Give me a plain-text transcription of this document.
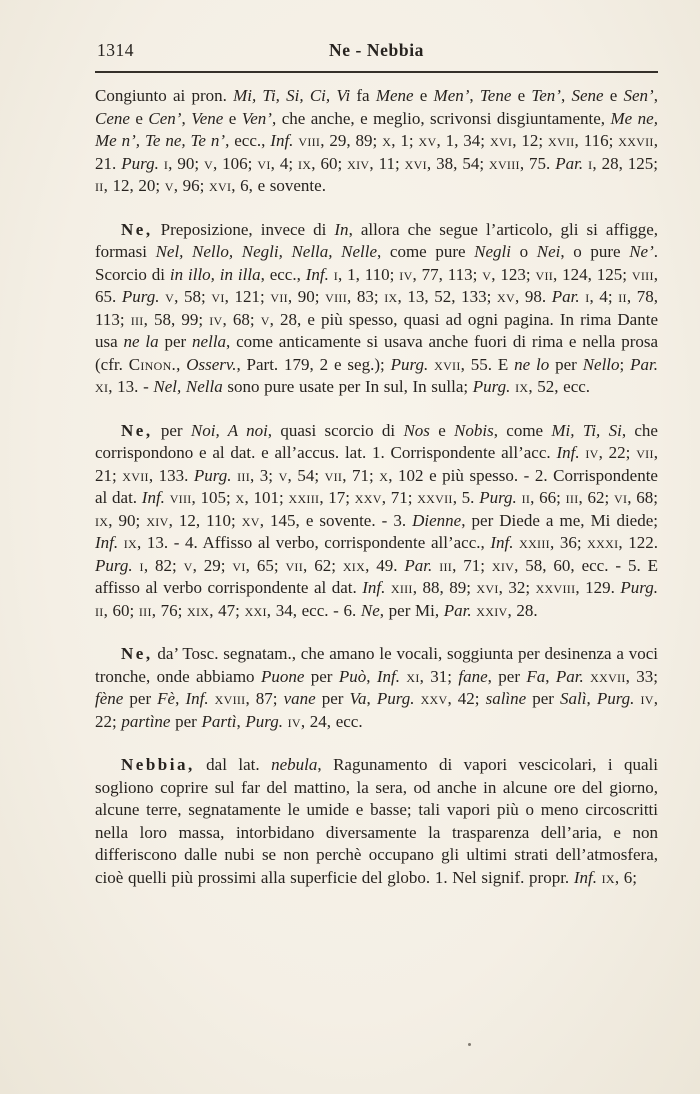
1314	Ne - Nebbia

Congiunto ai pron. Mi, Ti, Si, Ci, Vi fa Mene e Men’, Tene e Ten’, Sene e Sen’, Cene e Cen’, Vene e Ven’, che anche, e meglio, scrivonsi disgiuntamente, Me ne, Me n’, Te ne, Te n’, ecc., Inf. viii, 29, 89; x, 1; xv, 1, 34; xvi, 12; xvii, 116; xxvii, 21. Purg. i, 90; v, 106; vi, 4; ix, 60; xiv, 11; xvi, 38, 54; xviii, 75. Par. i, 28, 125; ii, 12, 20; v, 96; xvi, 6, e sovente.

Ne, Preposizione, invece di In, allora che segue l’articolo, gli si affigge, formasi Nel, Nello, Negli, Nella, Nelle, come pure Negli o Nei, o pure Ne’. Scorcio di in illo, in illa, ecc., Inf. i, 1, 110; iv, 77, 113; v, 123; vii, 124, 125; viii, 65. Purg. v, 58; vi, 121; vii, 90; viii, 83; ix, 13, 52, 133; xv, 98. Par. i, 4; ii, 78, 113; iii, 58, 99; iv, 68; v, 28, e più spesso, quasi ad ogni pagina. In rima Dante usa ne la per nella, come anticamente si usava anche fuori di rima e nella prosa (cfr. Cinon., Osserv., Part. 179, 2 e seg.); Purg. xvii, 55. E ne lo per Nello; Par. xi, 13. - Nel, Nella sono pure usate per In sul, In sulla; Purg. ix, 52, ecc.

Ne, per Noi, A noi, quasi scorcio di Nos e Nobis, come Mi, Ti, Si, che corrispondono e al dat. e all’accus. lat. 1. Corrispondente all’acc. Inf. iv, 22; vii, 21; xvii, 133. Purg. iii, 3; v, 54; vii, 71; x, 102 e più spesso. - 2. Corrispondente al dat. Inf. viii, 105; x, 101; xxiii, 17; xxv, 71; xxvii, 5. Purg. ii, 66; iii, 62; vi, 68; ix, 90; xiv, 12, 110; xv, 145, e sovente. - 3. Dienne, per Diede a me, Mi diede; Inf. ix, 13. - 4. Affisso al verbo, corrispondente all’acc., Inf. xxiii, 36; xxxi, 122. Purg. i, 82; v, 29; vi, 65; vii, 62; xix, 49. Par. iii, 71; xiv, 58, 60, ecc. - 5. E affisso al verbo corrispondente al dat. Inf. xiii, 88, 89; xvi, 32; xxviii, 129. Purg. ii, 60; iii, 76; xix, 47; xxi, 34, ecc. - 6. Ne, per Mi, Par. xxiv, 28.

Ne, da’ Tosc. segnatam., che amano le vocali, soggiunta per desinenza a voci tronche, onde abbiamo Puone per Può, Inf. xi, 31; fane, per Fa, Par. xxvii, 33; fène per Fè, Inf. xviii, 87; vane per Va, Purg. xxv, 42; salìne per Salì, Purg. iv, 22; partìne per Partì, Purg. iv, 24, ecc.

Nebbia, dal lat. nebula, Ragunamento di vapori vescicolari, i quali sogliono coprire sul far del mattino, la sera, od anche in alcune ore del giorno, alcune terre, segnatamente le umide e basse; tali vapori più o meno circoscritti nella loro massa, intorbidano diversamente la trasparenza dell’aria, e non differiscono dalle nubi se non perchè occupano gli ultimi strati dell’atmosfera, cioè quelli più prossimi alla superficie del globo. 1. Nel signif. propr. Inf. ix, 6;
